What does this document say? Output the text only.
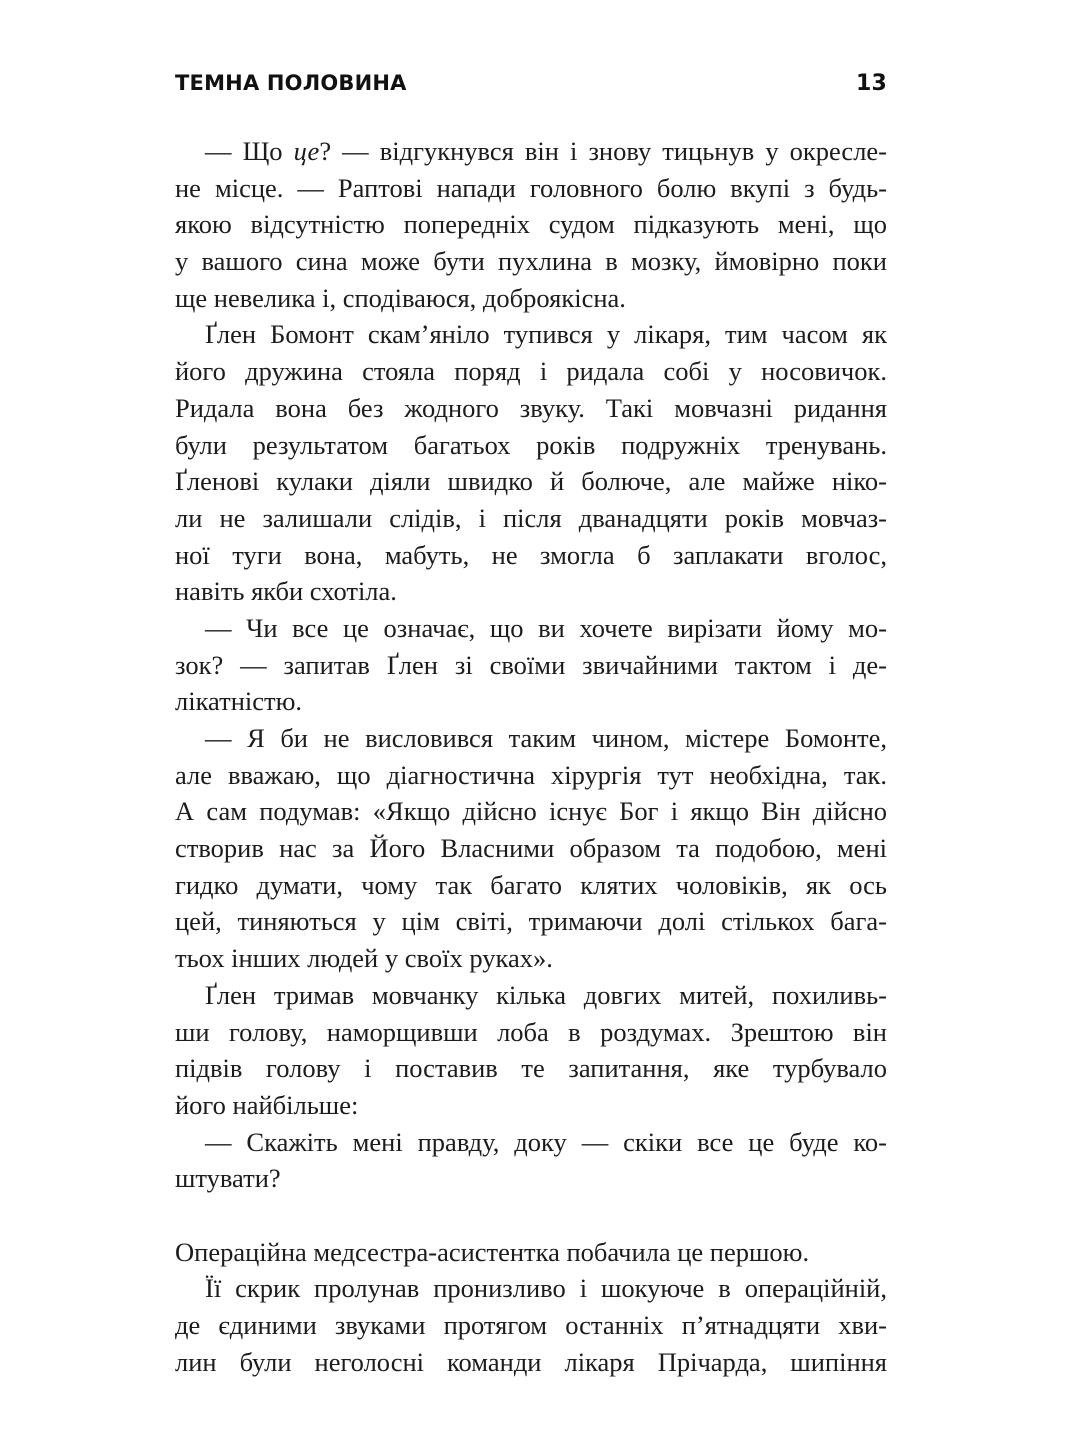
ТЕМНА ПОЛОВИНА	13
— Що це? — відгукнувся він і знову тицьнув у окресле-
не місце. — Раптові напади головного болю вкупі з будь-
якою відсутністю попередніх судом підказують мені, що
у вашого сина може бути пухлина в мозку, ймовірно поки
ще невелика і, сподіваюся, доброякісна.
Ґлен Бомонт скам’яніло тупився у лікаря, тим часом як
його дружина стояла поряд і ридала собі у носовичок.
Ридала вона без жодного звуку. Такі мовчазні ридання
були результатом багатьох років подружніх тренувань.
Ґленові кулаки діяли швидко й болюче, але майже ніко-
ли не залишали слідів, і після дванадцяти років мовчаз-
ної туги вона, мабуть, не змогла б заплакати вголос,
навіть якби схотіла.
— Чи все це означає, що ви хочете вирізати йому мо-
зок? — запитав Ґлен зі своїми звичайними тактом і де-
лікатністю.
— Я би не висловився таким чином, містере Бомонте,
але вважаю, що діагностична хірургія тут необхідна, так.
А сам подумав: «Якщо дійсно існує Бог і якщо Він дійсно
створив нас за Його Власними образом та подобою, мені
гидко думати, чому так багато клятих чоловіків, як ось
цей, тиняються у цім світі, тримаючи долі стількох бага-
тьох інших людей у своїх руках».
Ґлен тримав мовчанку кілька довгих митей, похиливь-
ши голову, наморщивши лоба в роздумах. Зрештою він
підвів голову і поставив те запитання, яке турбувало
його найбільше:
— Скажіть мені правду, доку — скіки все це буде ко-
штувати?
Операційна медсестра-асистентка побачила це першою.
Її скрик пролунав пронизливо і шокуюче в операційній,
де єдиними звуками протягом останніх п’ятнадцяти хви-
лин були неголосні команди лікаря Прічарда, шипіння
